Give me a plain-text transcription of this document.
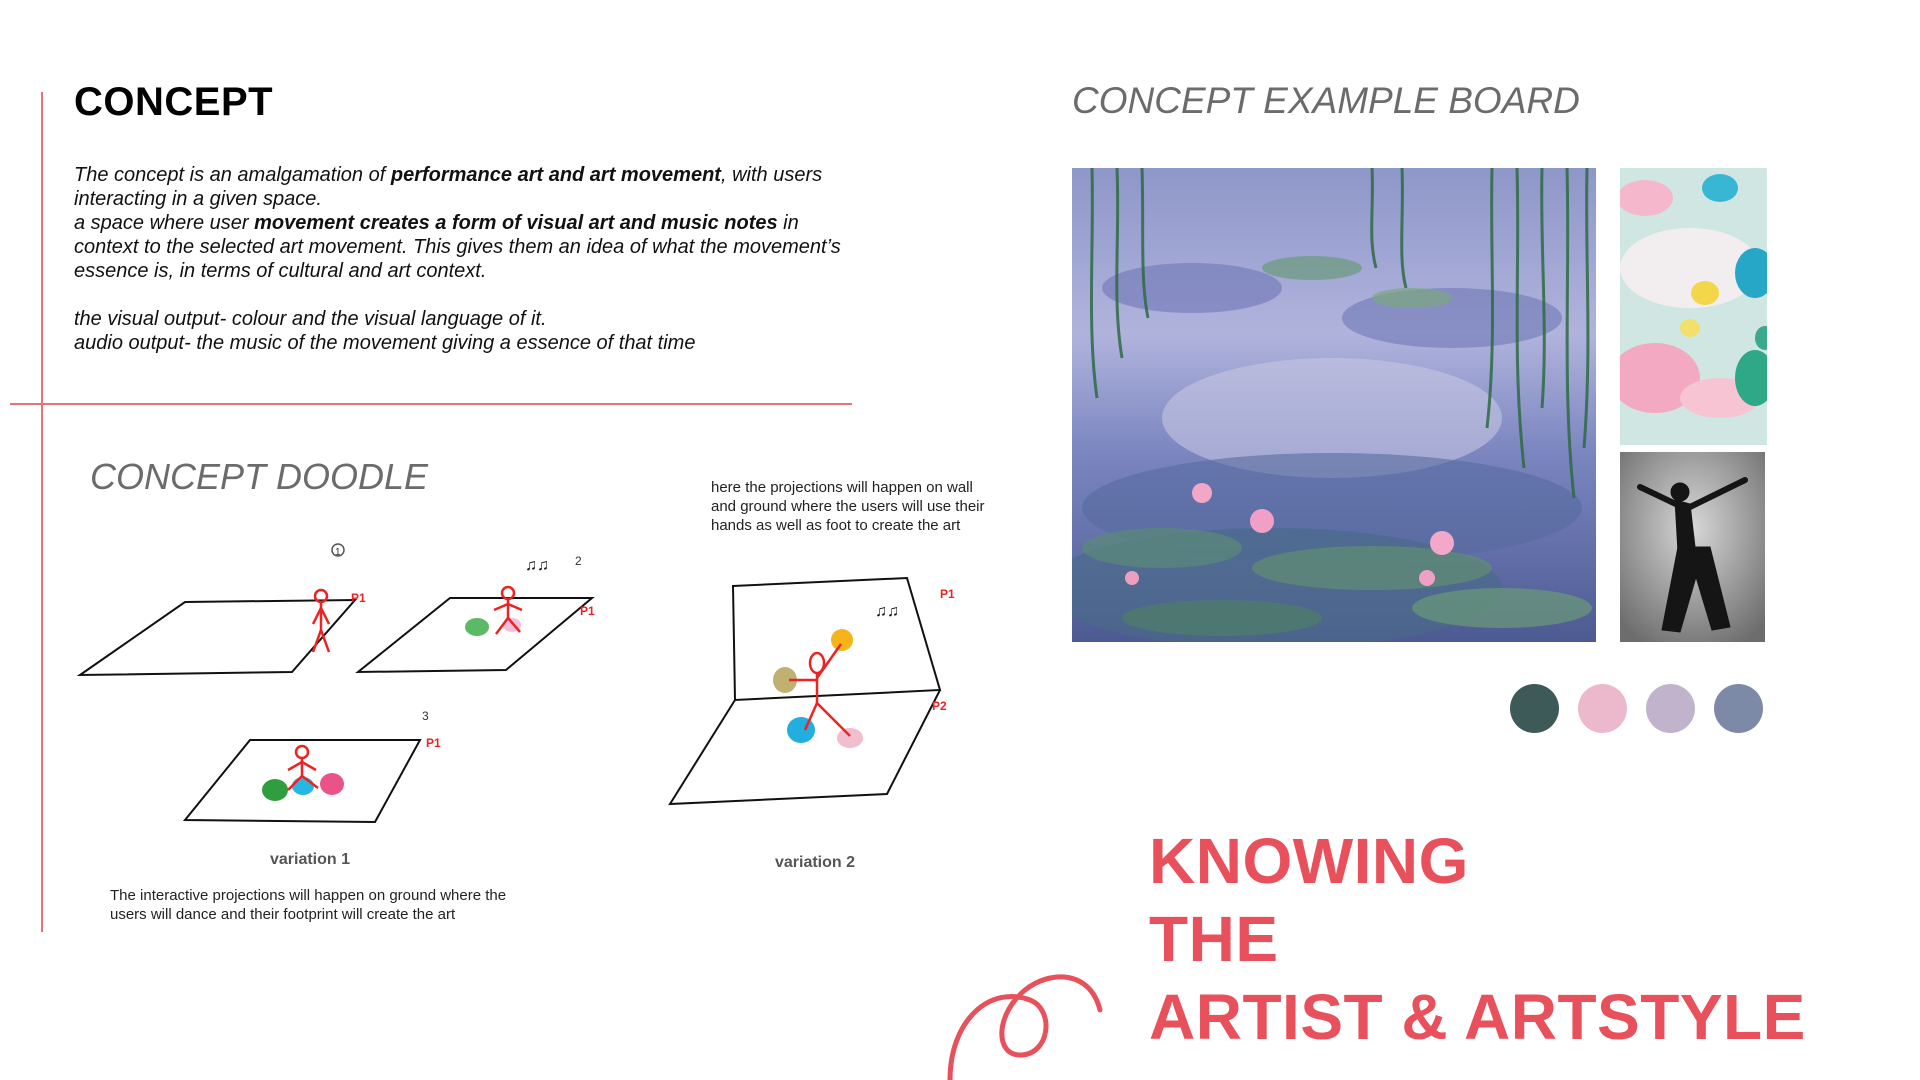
CONCEPT

The concept is an amalgamation of performance art and art movement, with users interacting in a given space.

a space where user movement creates a form of visual art and music notes in context to the selected art movement. This gives them an idea of what the movement’s essence is, in terms of cultural and art context.

the visual output- colour and the visual language of it.

audio output- the music of the movement giving a essence of that time

CONCEPT DOODLE
1
P1
♫♫ 2
P1
3
P1
variation 1
The interactive projections will happen on ground where the users will dance and their footprint will create the art
here the projections will happen on wall and ground where the users will use their hands as well as foot to create the art
♫♫
P1
P2
variation 2
CONCEPT EXAMPLE BOARD
KNOWING
THE
ARTIST & ARTSTYLE
